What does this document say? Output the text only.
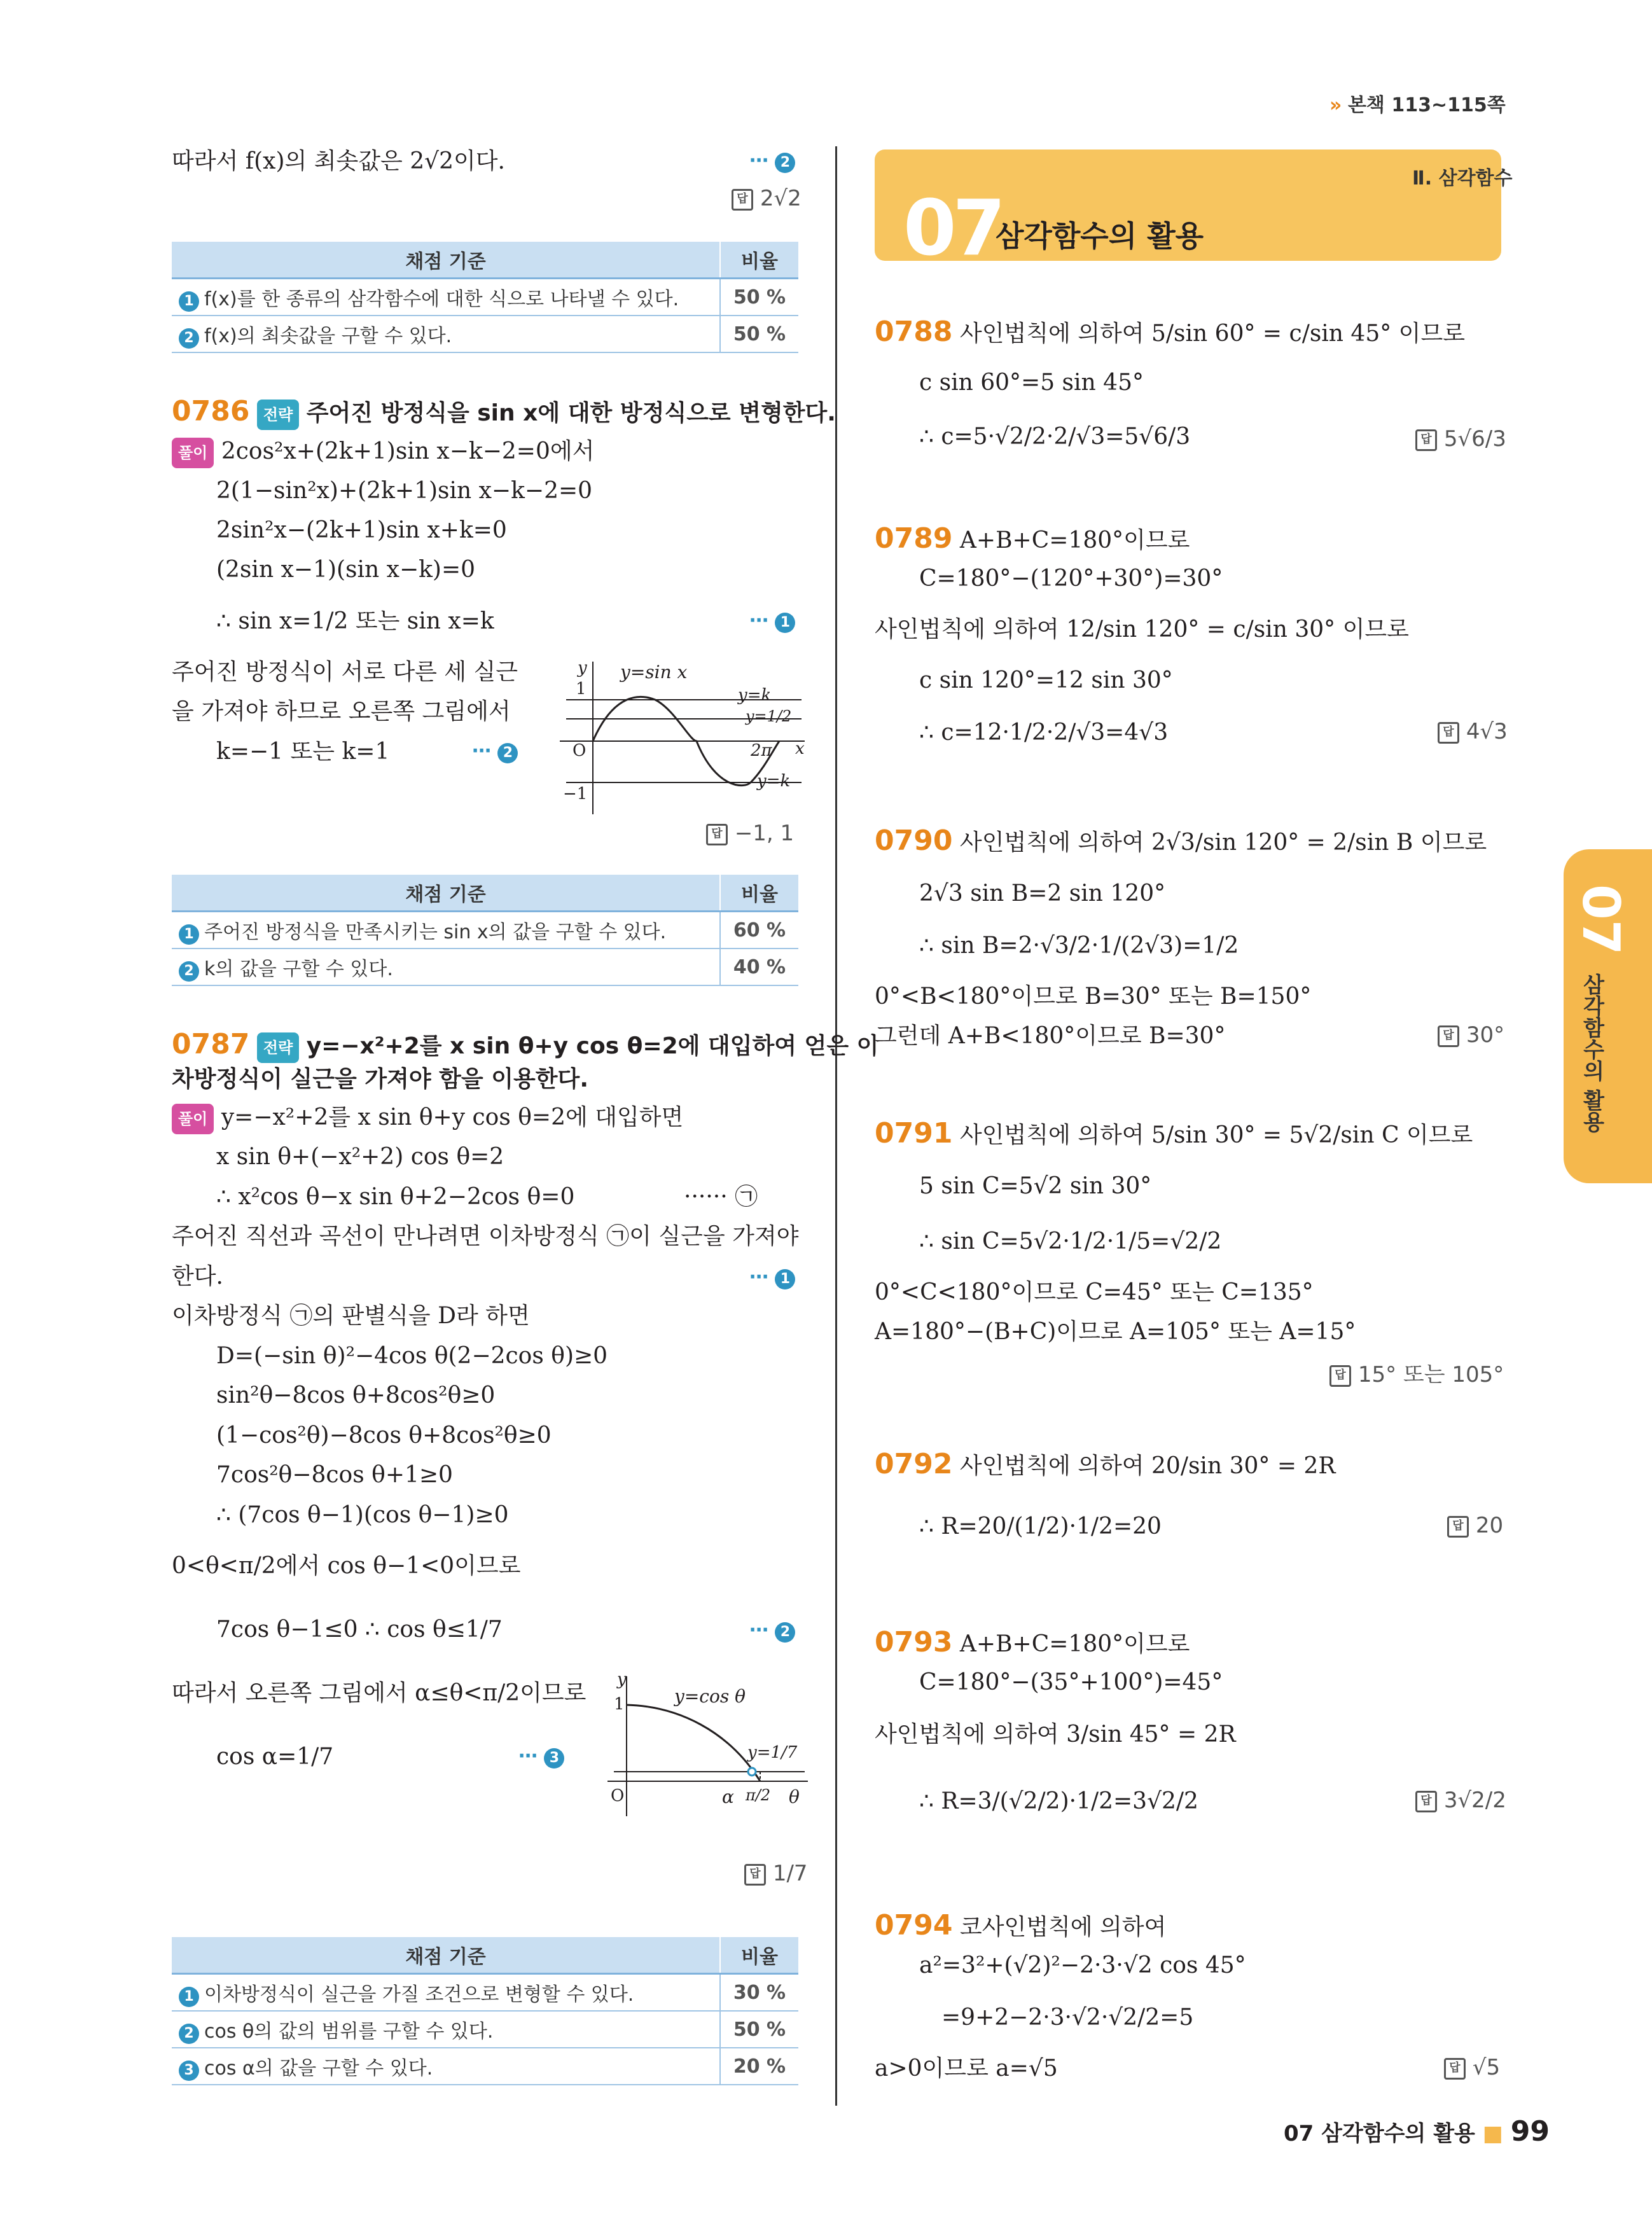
» 본책 113~115쪽
Ⅱ. 삼각함수
07
삼각함수의 활용
07
삼각함수의 활용
따라서 f(x)의 최솟값은 2√2이다.	⋯ 2
답 2√2
채점 기준	비율
1 f(x)를 한 종류의 삼각함수에 대한 식으로 나타낼 수 있다.	50 %
2 f(x)의 최솟값을 구할 수 있다.	50 %
0786 전략 주어진 방정식을 sin x에 대한 방정식으로 변형한다.
풀이 2cos²x+(2k+1)sin x−k−2=0에서
2(1−sin²x)+(2k+1)sin x−k−2=0
2sin²x−(2k+1)sin x+k=0
(2sin x−1)(sin x−k)=0
∴ sin x=1/2 또는 sin x=k	⋯ 1
주어진 방정식이 서로 다른 세 실근
을 가져야 하므로 오른쪽 그림에서
k=−1 또는 k=1	⋯ 2
y=sin x
y
1	y=k
y=1/2
O	2π x
−1
y=k
답 −1, 1
채점 기준	비율
1 주어진 방정식을 만족시키는 sin x의 값을 구할 수 있다.	60 %
2 k의 값을 구할 수 있다.	40 %
0787 전략 y=−x²+2를 x sin θ+y cos θ=2에 대입하여 얻은 이
차방정식이 실근을 가져야 함을 이용한다.
풀이 y=−x²+2를 x sin θ+y cos θ=2에 대입하면
x sin θ+(−x²+2) cos θ=2
∴ x²cos θ−x sin θ+2−2cos θ=0	······ ㉠
주어진 직선과 곡선이 만나려면 이차방정식 ㉠이 실근을 가져야
한다.	⋯ 1
이차방정식 ㉠의 판별식을 D라 하면
D=(−sin θ)²−4cos θ(2−2cos θ)≥0
sin²θ−8cos θ+8cos²θ≥0
(1−cos²θ)−8cos θ+8cos²θ≥0
7cos²θ−8cos θ+1≥0
∴ (7cos θ−1)(cos θ−1)≥0
0<θ<π/2에서 cos θ−1<0이므로
7cos θ−1≤0 ∴ cos θ≤1/7	⋯ 2
따라서 오른쪽 그림에서 α≤θ<π/2이므로
cos α=1/7	⋯ 3
y
1	y=cos θ
y=1/7
O	α π/2 θ
답 1/7
채점 기준	비율
1 이차방정식이 실근을 가질 조건으로 변형할 수 있다.	30 %
2 cos θ의 값의 범위를 구할 수 있다.	50 %
3 cos α의 값을 구할 수 있다.	20 %
0788 사인법칙에 의하여 5/sin 60° = c/sin 45° 이므로
c sin 60°=5 sin 45°
∴ c=5·√2/2·2/√3=5√6/3	답 5√6/3
0789 A+B+C=180°이므로
C=180°−(120°+30°)=30°
사인법칙에 의하여 12/sin 120° = c/sin 30° 이므로
c sin 120°=12 sin 30°
∴ c=12·1/2·2/√3=4√3	답 4√3
0790 사인법칙에 의하여 2√3/sin 120° = 2/sin B 이므로
2√3 sin B=2 sin 120°
∴ sin B=2·√3/2·1/(2√3)=1/2
0°<B<180°이므로 B=30° 또는 B=150°
그런데 A+B<180°이므로 B=30°	답 30°
0791 사인법칙에 의하여 5/sin 30° = 5√2/sin C 이므로
5 sin C=5√2 sin 30°
∴ sin C=5√2·1/2·1/5=√2/2
0°<C<180°이므로 C=45° 또는 C=135°
A=180°−(B+C)이므로 A=105° 또는 A=15°
답 15° 또는 105°
0792 사인법칙에 의하여 20/sin 30° = 2R
∴ R=20/(1/2)·1/2=20	답 20
0793 A+B+C=180°이므로
C=180°−(35°+100°)=45°
사인법칙에 의하여 3/sin 45° = 2R
∴ R=3/(√2/2)·1/2=3√2/2	답 3√2/2
0794 코사인법칙에 의하여
a²=3²+(√2)²−2·3·√2 cos 45°
=9+2−2·3·√2·√2/2=5
a>0이므로 a=√5	답 √5
07 삼각함수의 활용 ■ 99
